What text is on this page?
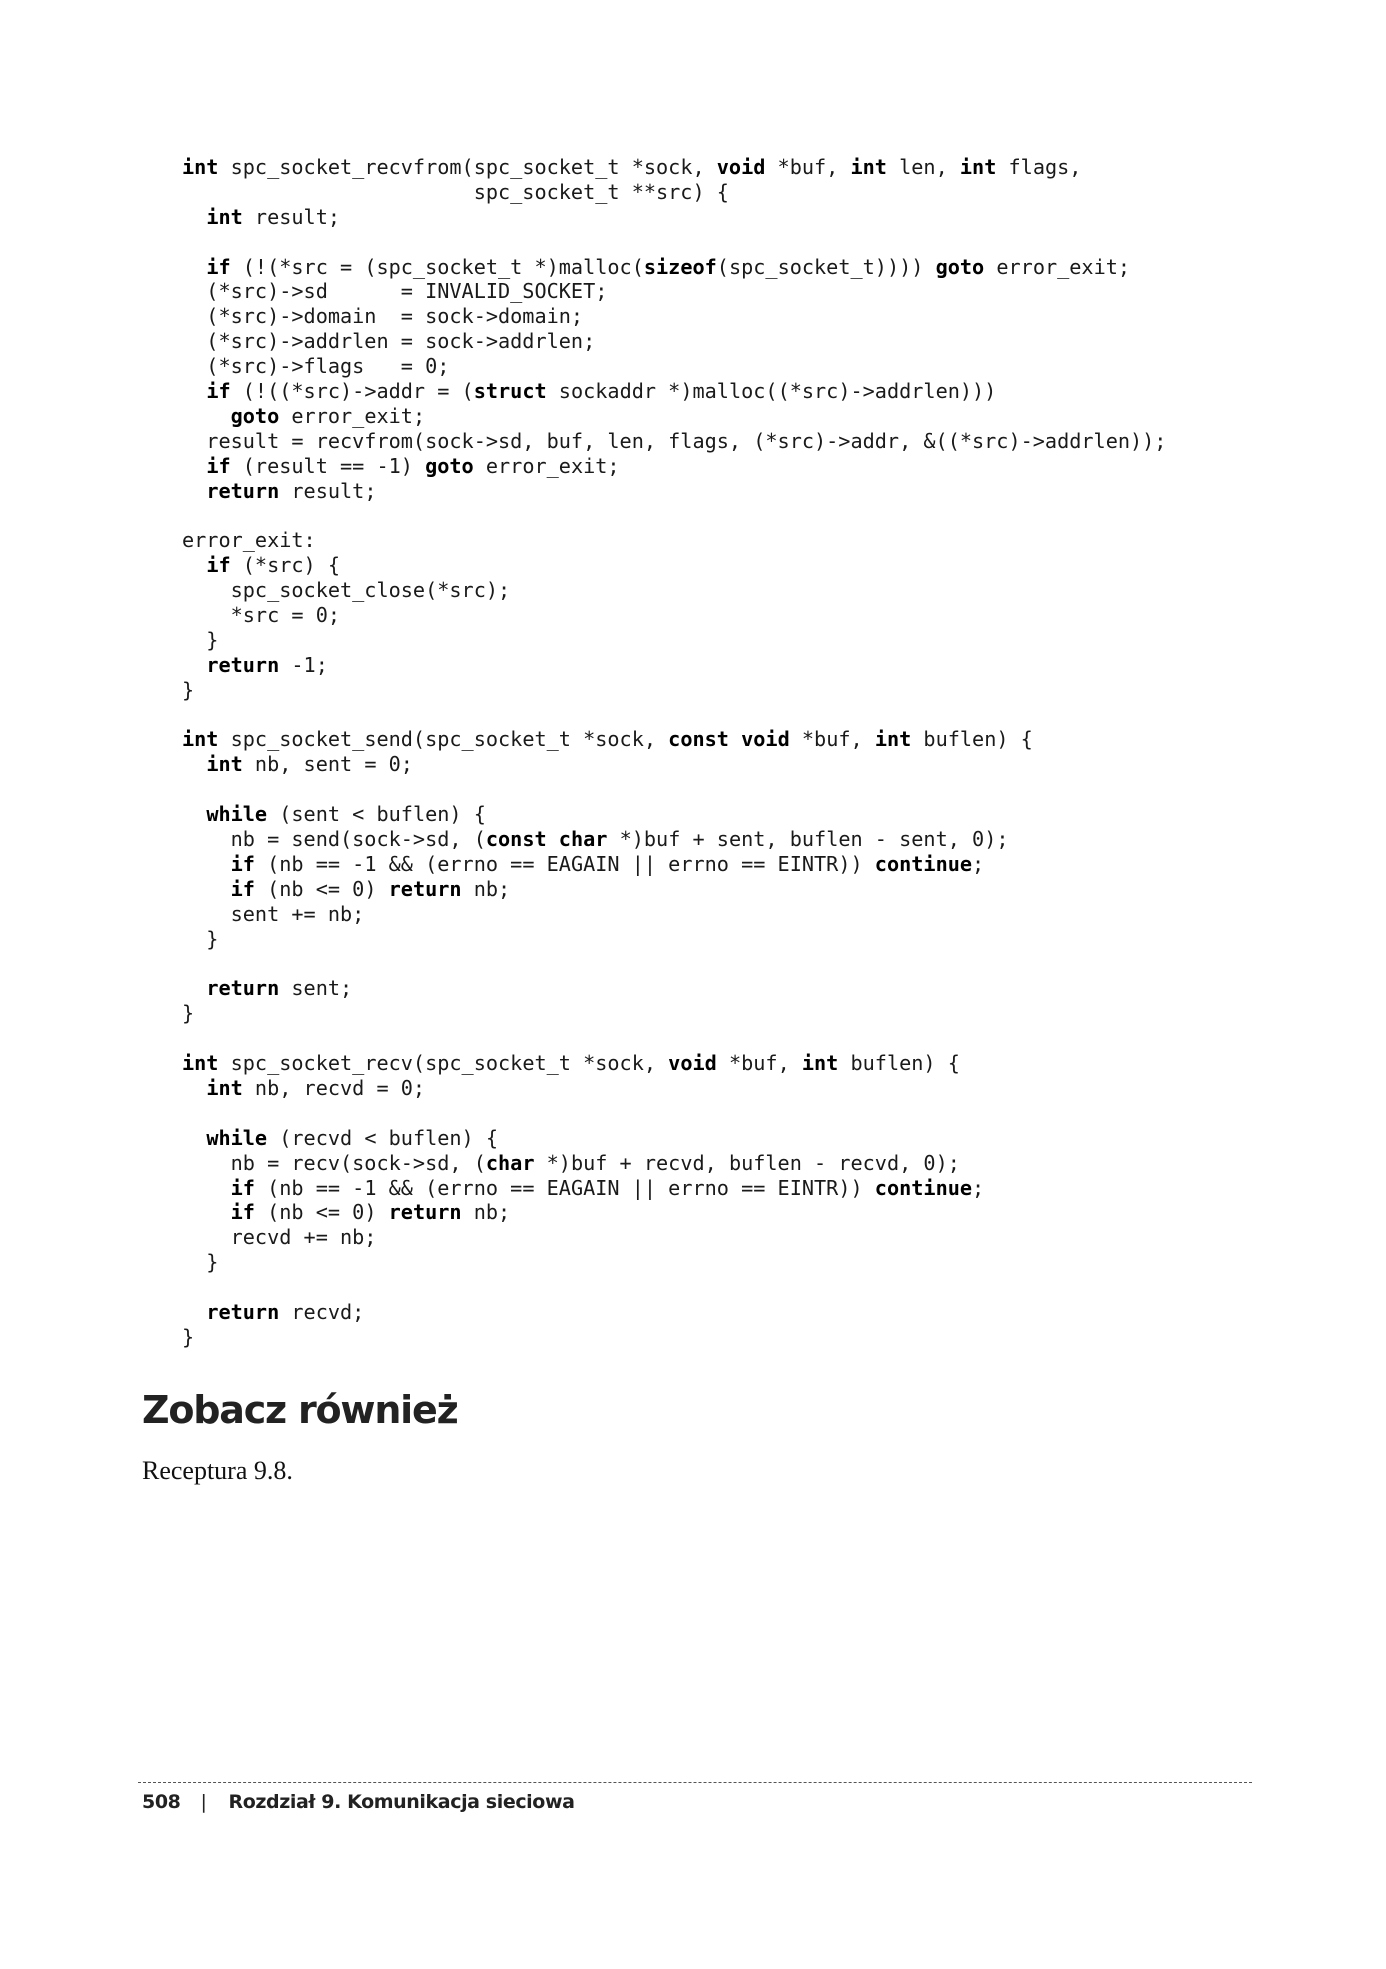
int spc_socket_recvfrom(spc_socket_t *sock, void *buf, int len, int flags,
spc_socket_t **src) {
int result;
if (!(*src = (spc_socket_t *)malloc(sizeof(spc_socket_t)))) goto error_exit;
(*src)->sd      = INVALID_SOCKET;
(*src)->domain  = sock->domain;
(*src)->addrlen = sock->addrlen;
(*src)->flags   = 0;
if (!((*src)->addr = (struct sockaddr *)malloc((*src)->addrlen)))
goto error_exit;
result = recvfrom(sock->sd, buf, len, flags, (*src)->addr, &((*src)->addrlen));
if (result == -1) goto error_exit;
return result;
error_exit:
if (*src) {
spc_socket_close(*src);
*src = 0;
}
return -1;
}
int spc_socket_send(spc_socket_t *sock, const void *buf, int buflen) {
int nb, sent = 0;
while (sent < buflen) {
nb = send(sock->sd, (const char *)buf + sent, buflen - sent, 0);
if (nb == -1 && (errno == EAGAIN || errno == EINTR)) continue;
if (nb <= 0) return nb;
sent += nb;
}
return sent;
}
int spc_socket_recv(spc_socket_t *sock, void *buf, int buflen) {
int nb, recvd = 0;
while (recvd < buflen) {
nb = recv(sock->sd, (char *)buf + recvd, buflen - recvd, 0);
if (nb == -1 && (errno == EAGAIN || errno == EINTR)) continue;
if (nb <= 0) return nb;
recvd += nb;
}
return recvd;
}
Zobacz również

Receptura 9.8.

508 | Rozdział 9. Komunikacja sieciowa
